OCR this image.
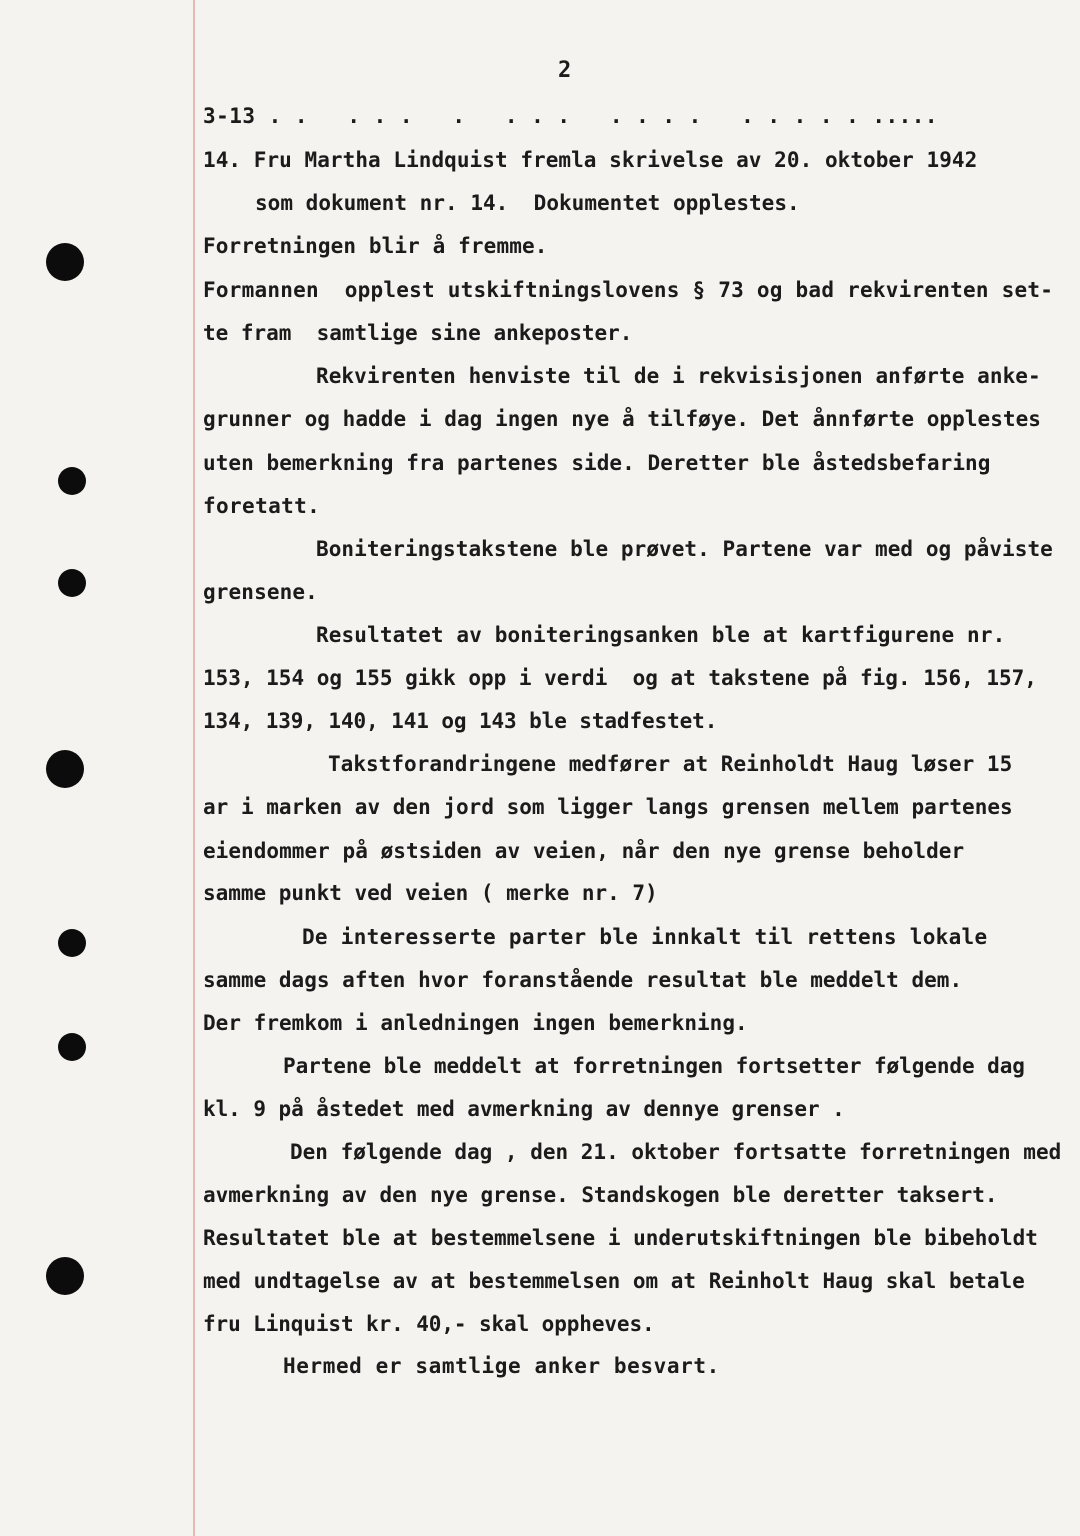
2

3-13 . .   . . .   .   . . .   . . . .   . . . . . .....

14. Fru Martha Lindquist fremla skrivelse av 20. oktober 1942

som dokument nr. 14.  Dokumentet opplestes.

Forretningen blir å fremme.

Formannen  opplest utskiftningslovens § 73 og bad rekvirenten set-

te fram  samtlige sine ankeposter.

Rekvirenten henviste til de i rekvisisjonen anførte anke-

grunner og hadde i dag ingen nye å tilføye. Det ånnførte opplestes

uten bemerkning fra partenes side. Deretter ble åstedsbefaring

foretatt.

Boniteringstakstene ble prøvet. Partene var med og påviste

grensene.

Resultatet av boniteringsanken ble at kartfigurene nr.

153, 154 og 155 gikk opp i verdi  og at takstene på fig. 156, 157,

134, 139, 140, 141 og 143 ble stadfestet.

Takstforandringene medfører at Reinholdt Haug løser 15

ar i marken av den jord som ligger langs grensen mellem partenes

eiendommer på østsiden av veien, når den nye grense beholder

samme punkt ved veien ( merke nr. 7)

De interesserte parter ble innkalt til rettens lokale

samme dags aften hvor foranstående resultat ble meddelt dem.

Der fremkom i anledningen ingen bemerkning.

Partene ble meddelt at forretningen fortsetter følgende dag

kl. 9 på åstedet med avmerkning av dennye grenser .

Den følgende dag , den 21. oktober fortsatte forretningen med

avmerkning av den nye grense. Standskogen ble deretter taksert.

Resultatet ble at bestemmelsene i underutskiftningen ble bibeholdt

med undtagelse av at bestemmelsen om at Reinholt Haug skal betale

fru Linquist kr. 40,- skal oppheves.

Hermed er samtlige anker besvart.
